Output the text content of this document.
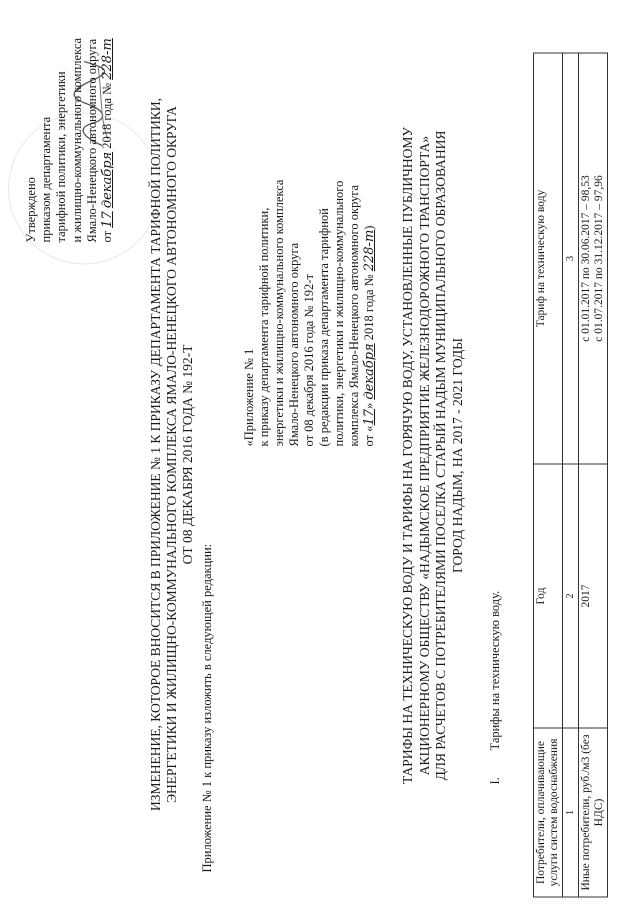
Утверждено приказом департамента тарифной политики, энергетики и жилищно-коммунального комплекса Ямало-Ненецкого автономного округа от 17 декабря 2018 года № 228-т
ИЗМЕНЕНИЕ, КОТОРОЕ ВНОСИТСЯ В ПРИЛОЖЕНИЕ № 1 К ПРИКАЗУ ДЕПАРТАМЕНТА ТАРИФНОЙ ПОЛИТИКИ, ЭНЕРГЕТИКИ И ЖИЛИЩНО-КОММУНАЛЬНОГО КОМПЛЕКСА ЯМАЛО-НЕНЕЦКОГО АВТОНОМНОГО ОКРУГА ОТ 08 ДЕКАБРЯ 2016 ГОДА № 192-Т
Приложение № 1 к приказу изложить в следующей редакции:
«Приложение № 1 к приказу департамента тарифной политики, энергетики и жилищно-коммунального комплекса Ямало-Ненецкого автономного округа от 08 декабря 2016 года № 192-т (в редакции приказа департамента тарифной политики, энергетики и жилищно-коммунального комплекса Ямало-Ненецкого автономного округа от «17» декабря 2018 года № 228-т) ТАРИФЫ НА ТЕХНИЧЕСКУЮ ВОДУ И ТАРИФЫ НА ГОРЯЧУЮ ВОДУ, УСТАНОВЛЕННЫЕ ПУБЛИЧНОМУ АКЦИОНЕРНОМУ ОБЩЕСТВУ «НАДЫМСКОЕ ПРЕДПРИЯТИЕ ЖЕЛЕЗНОДОРОЖНОГО ТРАНСПОРТА» ДЛЯ РАСЧЕТОВ С ПОТРЕБИТЕЛЯМИ ПОСЕЛКА СТАРЫЙ НАДЫМ МУНИЦИПАЛЬНОГО ОБРАЗОВАНИЯ ГОРОД НАДЫМ, НА 2017 - 2021 ГОДЫ
I.Тарифы на техническую воду.
Потребители, оплачивающие услуги систем водоснабжения	Год	Тариф на техническую воду
1	2	3
Иные потребители, руб./м3 (без НДС)	2017	с 01.01.2017 по 30.06.2017 – 98,53 с 01.07.2017 по 31.12.2017 – 97,96
